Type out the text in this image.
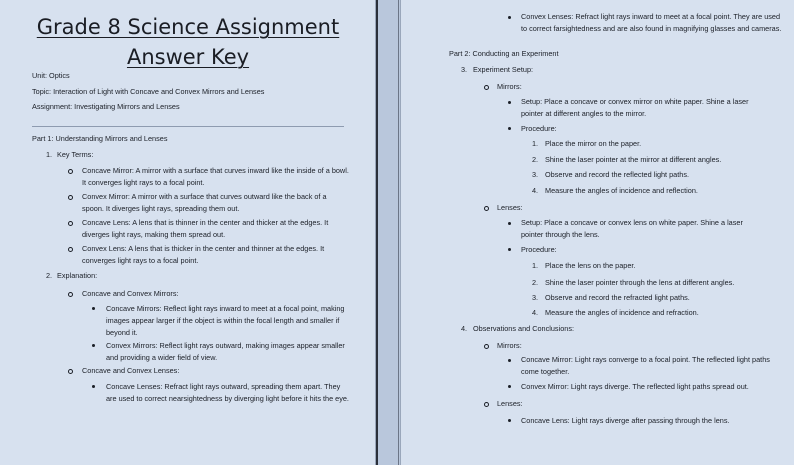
Grade 8 Science Assignment
Answer Key
Unit: Optics
Topic: Interaction of Light with Concave and Convex Mirrors and Lenses
Assignment: Investigating Mirrors and Lenses
Part 1: Understanding Mirrors and Lenses
1. Key Terms:
Concave Mirror: A mirror with a surface that curves inward like the inside of a bowl. It converges light rays to a focal point.
Convex Mirror: A mirror with a surface that curves outward like the back of a spoon. It diverges light rays, spreading them out.
Concave Lens: A lens that is thinner in the center and thicker at the edges. It diverges light rays, making them spread out.
Convex Lens: A lens that is thicker in the center and thinner at the edges. It converges light rays to a focal point.
2. Explanation:
Concave and Convex Mirrors:
Concave Mirrors: Reflect light rays inward to meet at a focal point, making images appear larger if the object is within the focal length and smaller if beyond it.
Convex Mirrors: Reflect light rays outward, making images appear smaller and providing a wider field of view.
Concave and Convex Lenses:
Concave Lenses: Refract light rays outward, spreading them apart. They are used to correct nearsightedness by diverging light before it hits the eye.
Convex Lenses: Refract light rays inward to meet at a focal point. They are used to correct farsightedness and are also found in magnifying glasses and cameras.
Part 2: Conducting an Experiment
3. Experiment Setup:
Mirrors:
Setup: Place a concave or convex mirror on white paper. Shine a laser pointer at different angles to the mirror.
Procedure:
1. Place the mirror on the paper.
2. Shine the laser pointer at the mirror at different angles.
3. Observe and record the reflected light paths.
4. Measure the angles of incidence and reflection.
Lenses:
Setup: Place a concave or convex lens on white paper. Shine a laser pointer through the lens.
Procedure:
1. Place the lens on the paper.
2. Shine the laser pointer through the lens at different angles.
3. Observe and record the refracted light paths.
4. Measure the angles of incidence and refraction.
4. Observations and Conclusions:
Mirrors:
Concave Mirror: Light rays converge to a focal point. The reflected light paths come together.
Convex Mirror: Light rays diverge. The reflected light paths spread out.
Lenses:
Concave Lens: Light rays diverge after passing through the lens.
